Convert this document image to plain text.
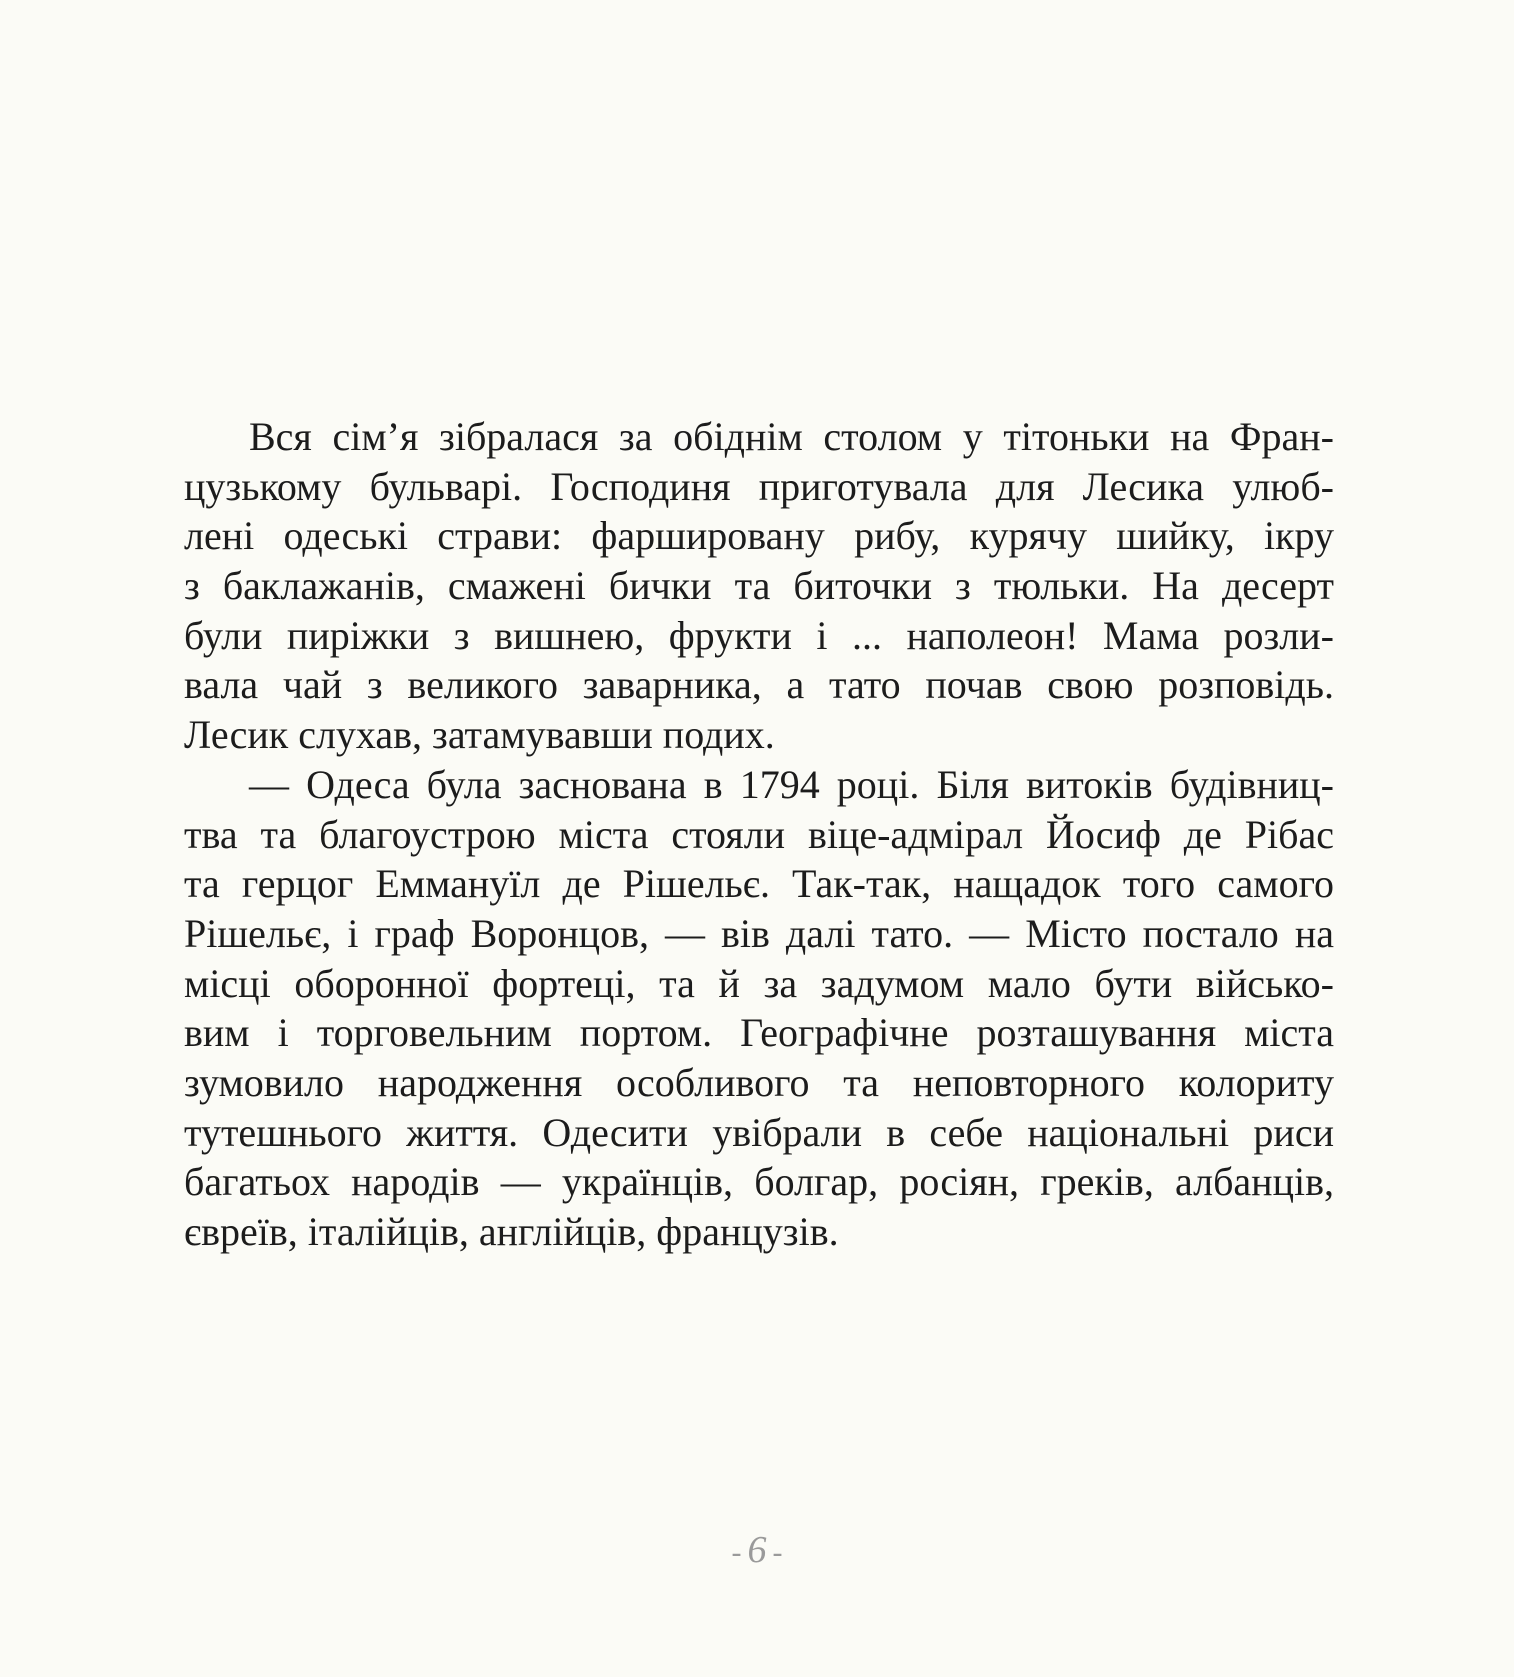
Вся сім’я зібралася за обіднім столом у тітоньки на Фран-
цузькому бульварі. Господиня приготувала для Лесика улюб-
лені одеські страви: фаршировану рибу, курячу шийку, ікру
з баклажанів, смажені бички та биточки з тюльки. На десерт
були пиріжки з вишнею, фрукти і ... наполеон! Мама розли-
вала чай з великого заварника, а тато почав свою розповідь.
Лесик слухав, затамувавши подих.
— Одеса була заснована в 1794 році. Біля витоків будівниц-
тва та благоустрою міста стояли віце-адмірал Йосиф де Рібас
та герцог Еммануїл де Рішельє. Так-так, нащадок того самого
Рішельє, і граф Воронцов, — вів далі тато. — Місто постало на
місці оборонної фортеці, та й за задумом мало бути військо-
вим і торговельним портом. Географічне розташування міста
зумовило народження особливого та неповторного колориту
тутешнього життя. Одесити увібрали в себе національні риси
багатьох народів — українців, болгар, росіян, греків, албанців,
євреїв, італійців, англійців, французів.
- 6 -
